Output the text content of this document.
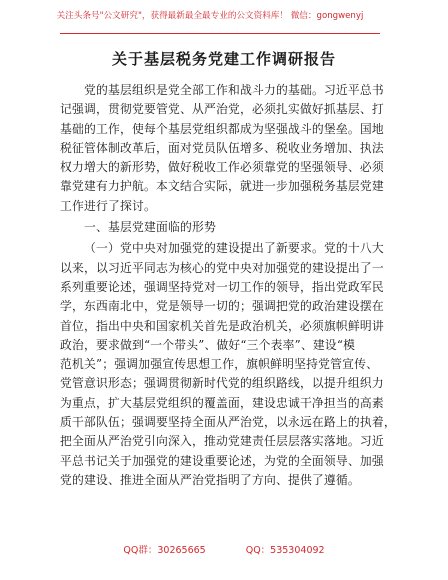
关注头条号"公文研究"，获得最新最全最专业的公文资料库！ 微信：gongwenyj
关于基层税务党建工作调研报告
党的基层组织是党全部工作和战斗力的基础。习近平总书
记强调，贯彻党要管党、从严治党，必须扎实做好抓基层、打
基础的工作，使每个基层党组织都成为坚强战斗的堡垒。国地
税征管体制改革后，面对党员队伍增多、税收业务增加、执法
权力增大的新形势，做好税收工作必须靠党的坚强领导、必须
靠党建有力护航。本文结合实际，就进一步加强税务基层党建
工作进行了探讨。
一、基层党建面临的形势
（一）党中央对加强党的建设提出了新要求。党的十八大
以来，以习近平同志为核心的党中央对加强党的建设提出了一
系列重要论述，强调坚持党对一切工作的领导，指出党政军民
学，东西南北中，党是领导一切的；强调把党的政治建设摆在
首位，指出中央和国家机关首先是政治机关，必须旗帜鲜明讲
政治，要求做到“一个带头”、做好“三个表率”、建设“模
范机关”；强调加强宣传思想工作，旗帜鲜明坚持党管宣传、
党管意识形态；强调贯彻新时代党的组织路线，以提升组织力
为重点，扩大基层党组织的覆盖面，建设忠诚干净担当的高素
质干部队伍；强调要坚持全面从严治党，以永远在路上的执着，
把全面从严治党引向深入，推动党建责任层层落实落地。习近
平总书记关于加强党的建设重要论述，为党的全面领导、加强
党的建设、推进全面从严治党指明了方向、提供了遵循。
QQ群：30265665	QQ：535304092
